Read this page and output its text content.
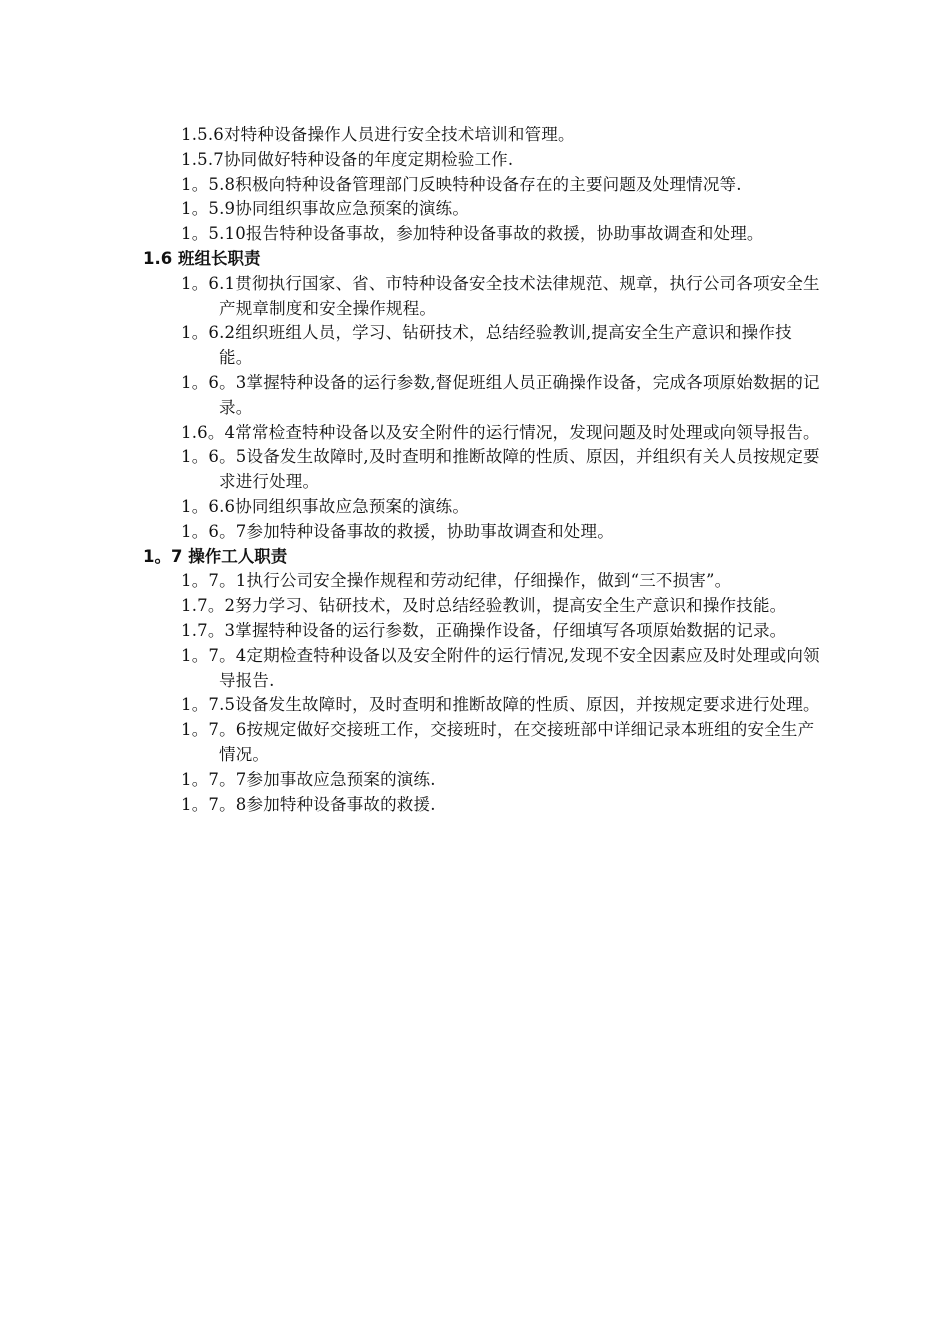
1.5.6对特种设备操作人员进行安全技术培训和管理。
1.5.7协同做好特种设备的年度定期检验工作.
1。5.8积极向特种设备管理部门反映特种设备存在的主要问题及处理情况等.
1。5.9协同组织事故应急预案的演练。
1。5.10报告特种设备事故，参加特种设备事故的救援，协助事故调查和处理。
1.6 班组长职责
1。6.1贯彻执行国家、省、市特种设备安全技术法律规范、规章，执行公司各项安全生产规章制度和安全操作规程。
1。6.2组织班组人员，学习、钻研技术，总结经验教训,提高安全生产意识和操作技能。
1。6。3掌握特种设备的运行参数,督促班组人员正确操作设备，完成各项原始数据的记录。
1.6。4常常检查特种设备以及安全附件的运行情况，发现问题及时处理或向领导报告。
1。6。5设备发生故障时,及时查明和推断故障的性质、原因，并组织有关人员按规定要求进行处理。
1。6.6协同组织事故应急预案的演练。
1。6。7参加特种设备事故的救援，协助事故调查和处理。
1。7 操作工人职责
1。7。1执行公司安全操作规程和劳动纪律，仔细操作，做到“三不损害”。
1.7。2努力学习、钻研技术，及时总结经验教训，提高安全生产意识和操作技能。
1.7。3掌握特种设备的运行参数，正确操作设备，仔细填写各项原始数据的记录。
1。7。4定期检查特种设备以及安全附件的运行情况,发现不安全因素应及时处理或向领导报告.
1。7.5设备发生故障时，及时查明和推断故障的性质、原因，并按规定要求进行处理。
1。7。6按规定做好交接班工作，交接班时，在交接班部中详细记录本班组的安全生产情况。
1。7。7参加事故应急预案的演练.
1。7。8参加特种设备事故的救援.
